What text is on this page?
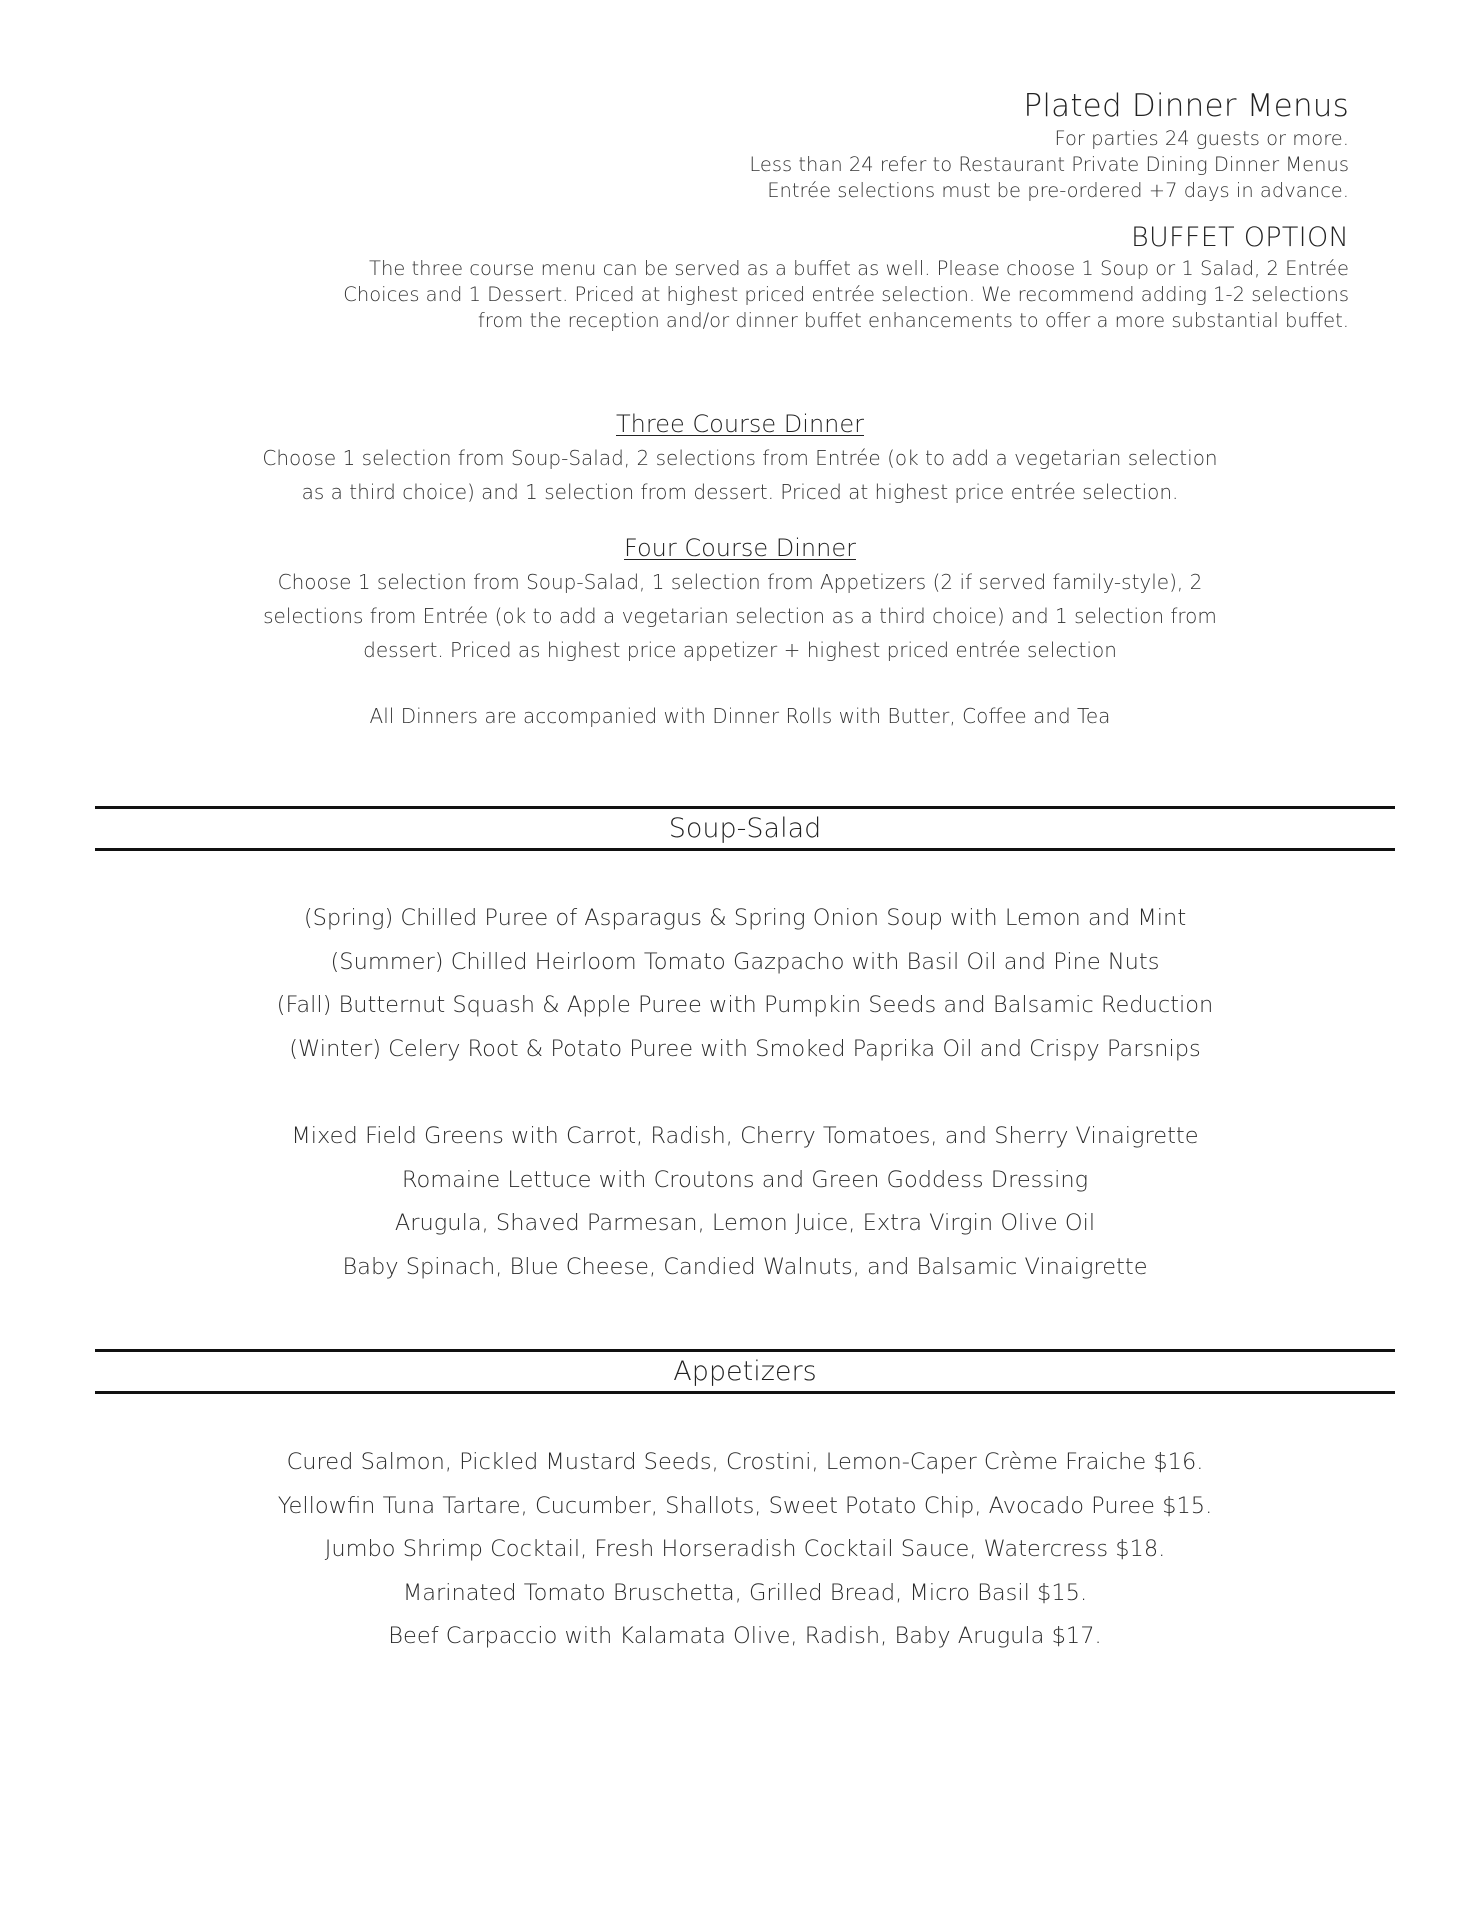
Plated Dinner Menus
For parties 24 guests or more.
Less than 24 refer to Restaurant Private Dining Dinner Menus
Entrée selections must be pre-ordered +7 days in advance.
BUFFET OPTION
The three course menu can be served as a buffet as well. Please choose 1 Soup or 1 Salad, 2 Entrée
Choices and 1 Dessert. Priced at highest priced entrée selection. We recommend adding 1-2 selections
from the reception and/or dinner buffet enhancements to offer a more substantial buffet.
Three Course Dinner
Choose 1 selection from Soup-Salad, 2 selections from Entrée (ok to add a vegetarian selection
as a third choice) and 1 selection from dessert. Priced at highest price entrée selection.
Four Course Dinner
Choose 1 selection from Soup-Salad, 1 selection from Appetizers (2 if served family-style), 2
selections from Entrée (ok to add a vegetarian selection as a third choice) and 1 selection from
dessert. Priced as highest price appetizer + highest priced entrée selection
All Dinners are accompanied with Dinner Rolls with Butter, Coffee and Tea
Soup-Salad
(Spring) Chilled Puree of Asparagus & Spring Onion Soup with Lemon and Mint
(Summer) Chilled Heirloom Tomato Gazpacho with Basil Oil and Pine Nuts
(Fall) Butternut Squash & Apple Puree with Pumpkin Seeds and Balsamic Reduction
(Winter) Celery Root & Potato Puree with Smoked Paprika Oil and Crispy Parsnips
Mixed Field Greens with Carrot, Radish, Cherry Tomatoes, and Sherry Vinaigrette
Romaine Lettuce with Croutons and Green Goddess Dressing
Arugula, Shaved Parmesan, Lemon Juice, Extra Virgin Olive Oil
Baby Spinach, Blue Cheese, Candied Walnuts, and Balsamic Vinaigrette
Appetizers
Cured Salmon, Pickled Mustard Seeds, Crostini, Lemon-Caper Crème Fraiche $16.
Yellowfin Tuna Tartare, Cucumber, Shallots, Sweet Potato Chip, Avocado Puree $15.
Jumbo Shrimp Cocktail, Fresh Horseradish Cocktail Sauce, Watercress $18.
Marinated Tomato Bruschetta, Grilled Bread, Micro Basil $15.
Beef Carpaccio with Kalamata Olive, Radish, Baby Arugula $17.
